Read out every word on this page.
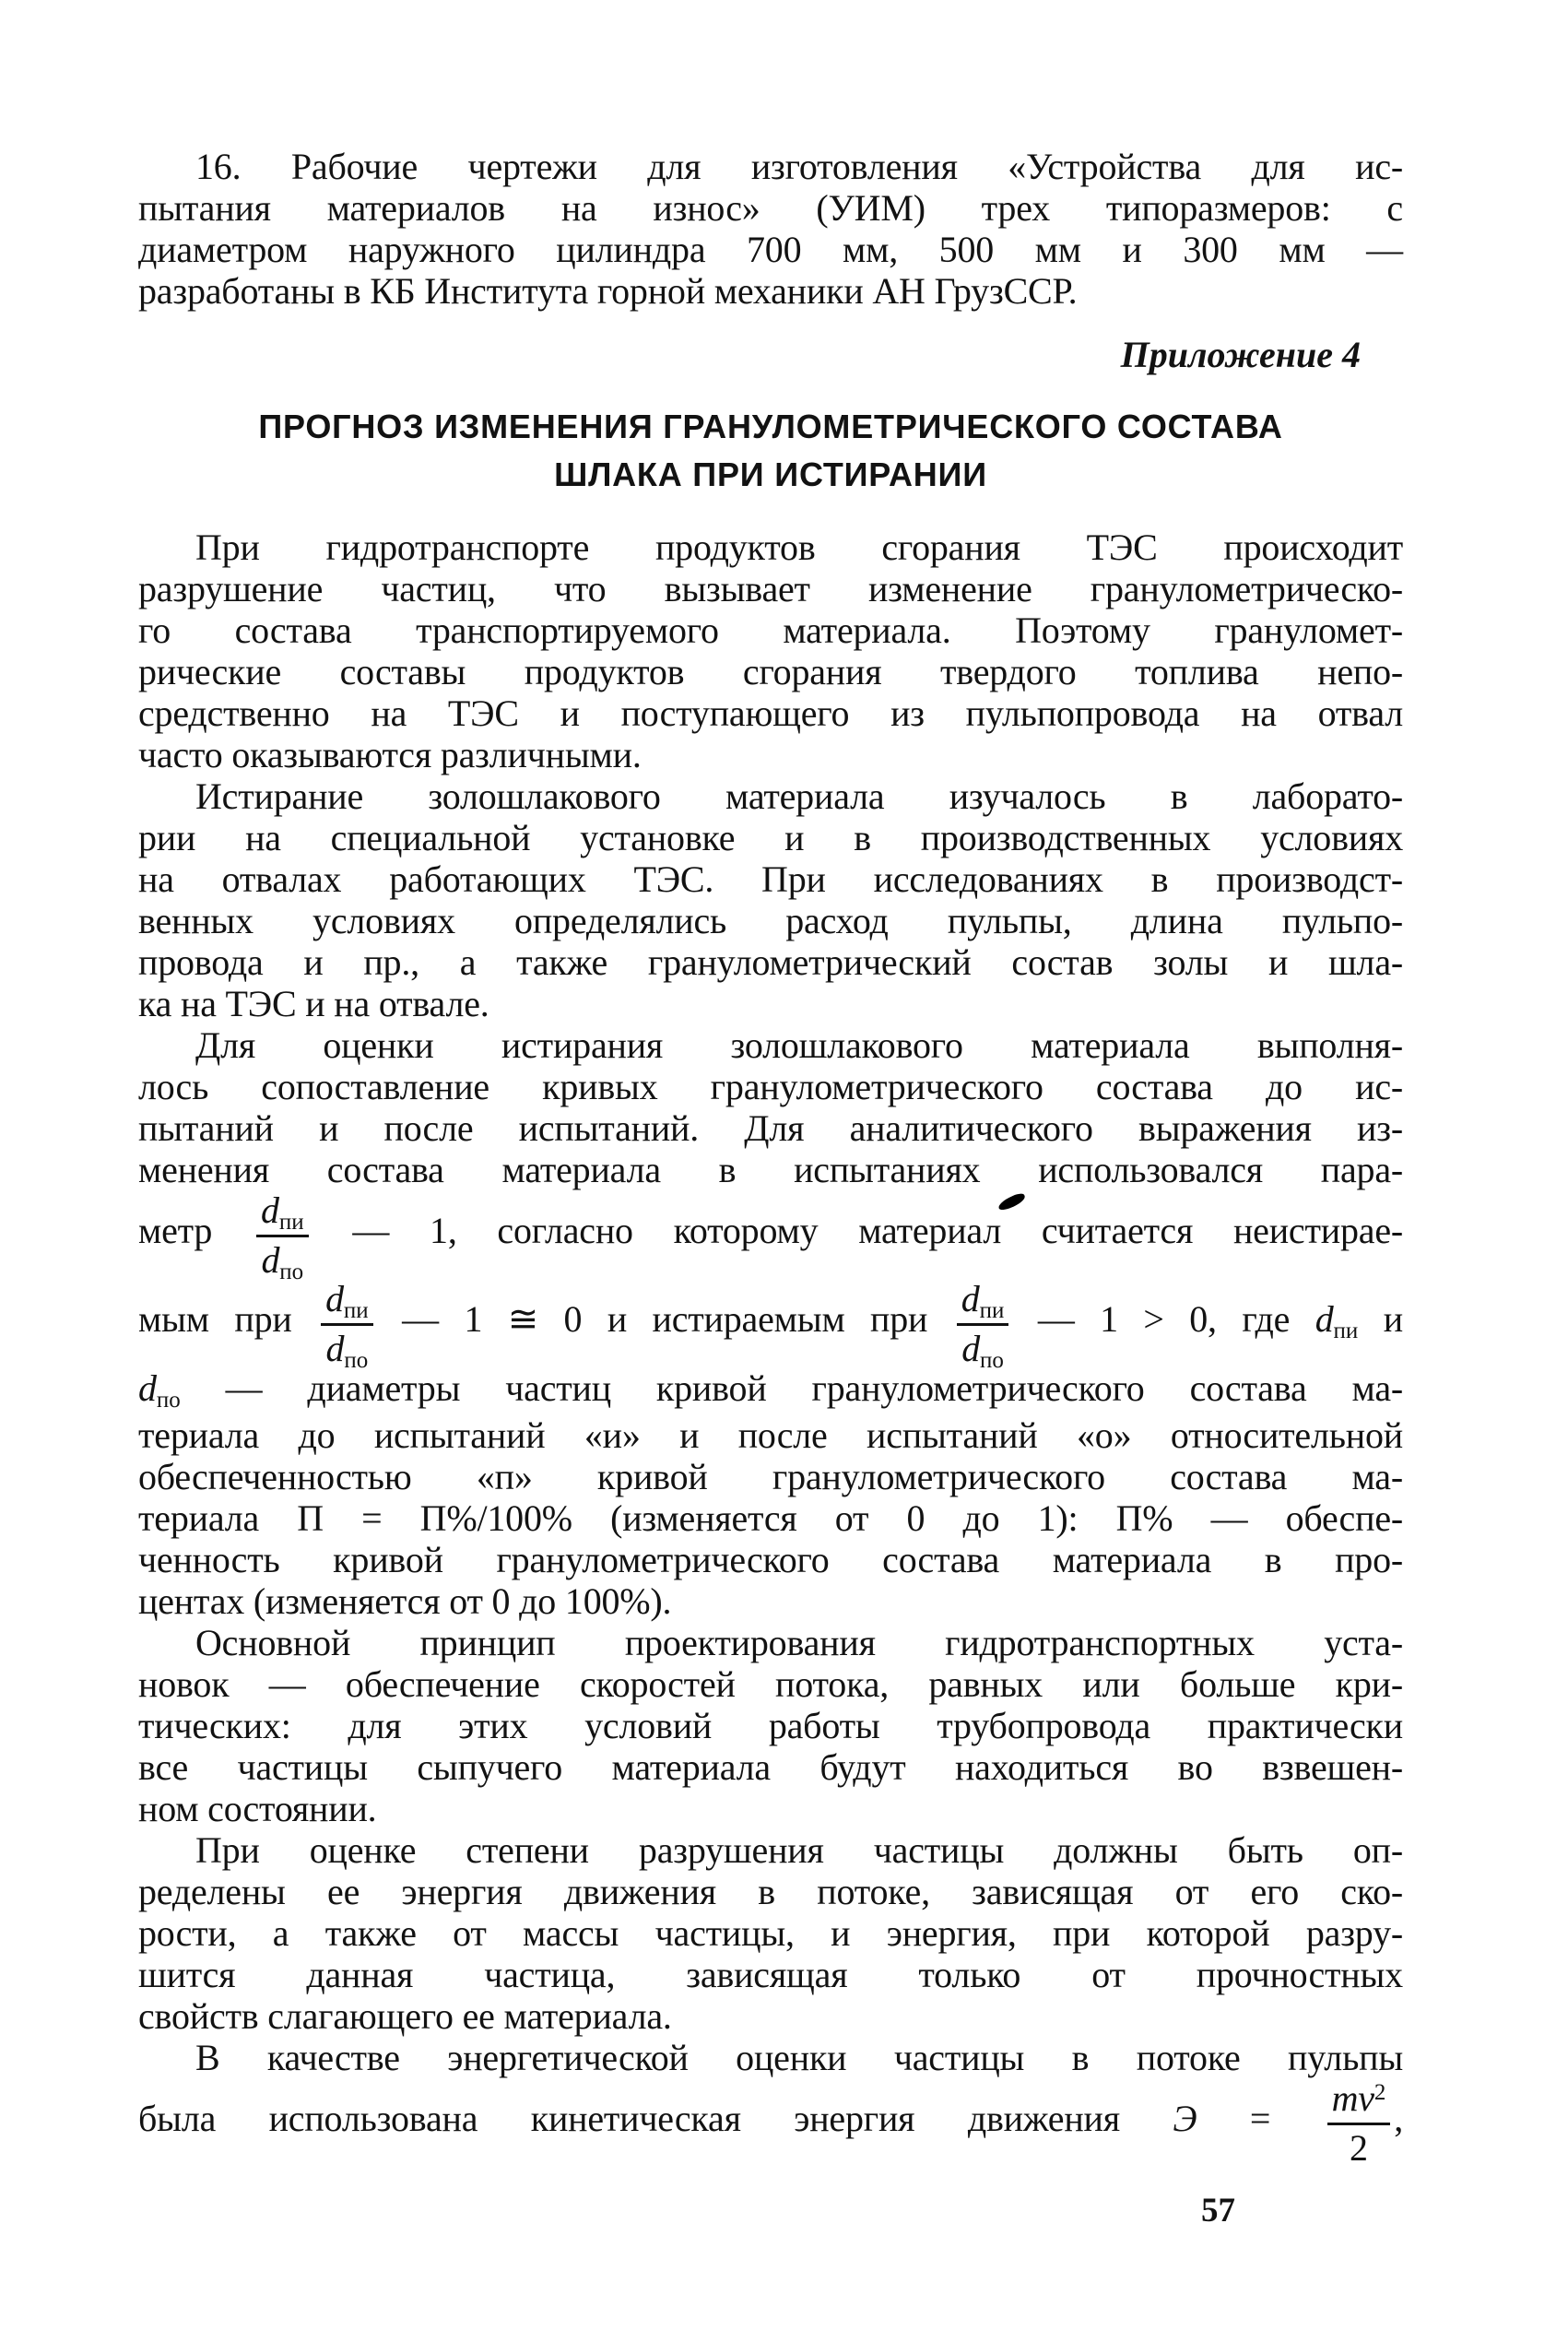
16. Рабочие чертежи для изготовления «Устройства для ис-
пытания материалов на износ» (УИМ) трех типоразмеров: с
диаметром наружного цилиндра 700 мм, 500 мм и 300 мм —
разработаны в КБ Института горной механики АН ГрузССР.
Приложение 4
ПРОГНОЗ ИЗМЕНЕНИЯ ГРАНУЛОМЕТРИЧЕСКОГО СОСТАВА
ШЛАКА ПРИ ИСТИРАНИИ
При гидротранспорте продуктов сгорания ТЭС происходит
разрушение частиц, что вызывает изменение гранулометрическо-
го состава транспортируемого материала. Поэтому грануломет-
рические составы продуктов сгорания твердого топлива непо-
средственно на ТЭС и поступающего из пульпопровода на отвал
часто оказываются различными.
Истирание золошлакового материала изучалось в лаборато-
рии на специальной установке и в производственных условиях
на отвалах работающих ТЭС. При исследованиях в производст-
венных условиях определялись расход пульпы, длина пульпо-
провода и пр., а также гранулометрический состав золы и шла-
ка на ТЭС и на отвале.
Для оценки истирания золошлакового материала выполня-
лось сопоставление кривых гранулометрического состава до ис-
пытаний и после испытаний. Для аналитического выражения из-
менения состава материала в испытаниях использовался пара-
метр $\frac{\text{dпи}}{\text{dпо}}$ — 1, согласно которому материал считается неистирае-
мым при $\frac{\text{dпи}}{\text{dпо}}$ — 1 ≅ 0 и истираемым при $\frac{\text{dпи}}{\text{dпо}}$ — 1 > 0, где dпи и
dпо — диаметры частиц кривой гранулометрического состава ма-
териала до испытаний «и» и после испытаний «о» относительной
обеспеченностью «п» кривой гранулометрического состава ма-
териала П = П%/100% (изменяется от 0 до 1): П% — обеспе-
ченность кривой гранулометрического состава материала в про-
центах (изменяется от 0 до 100%).
Основной принцип проектирования гидротранспортных уста-
новок — обеспечение скоростей потока, равных или больше кри-
тических: для этих условий работы трубопровода практически
все частицы сыпучего материала будут находиться во взвешен-
ном состоянии.
При оценке степени разрушения частицы должны быть оп-
ределены ее энергия движения в потоке, зависящая от его ско-
рости, а также от массы частицы, и энергия, при которой разру-
шится данная частица, зависящая только от прочностных
свойств слагающего ее материала.
В качестве энергетической оценки частицы в потоке пульпы
была использована кинетическая энергия движения $Э = \frac{mv^2}{2}$ ,
57
